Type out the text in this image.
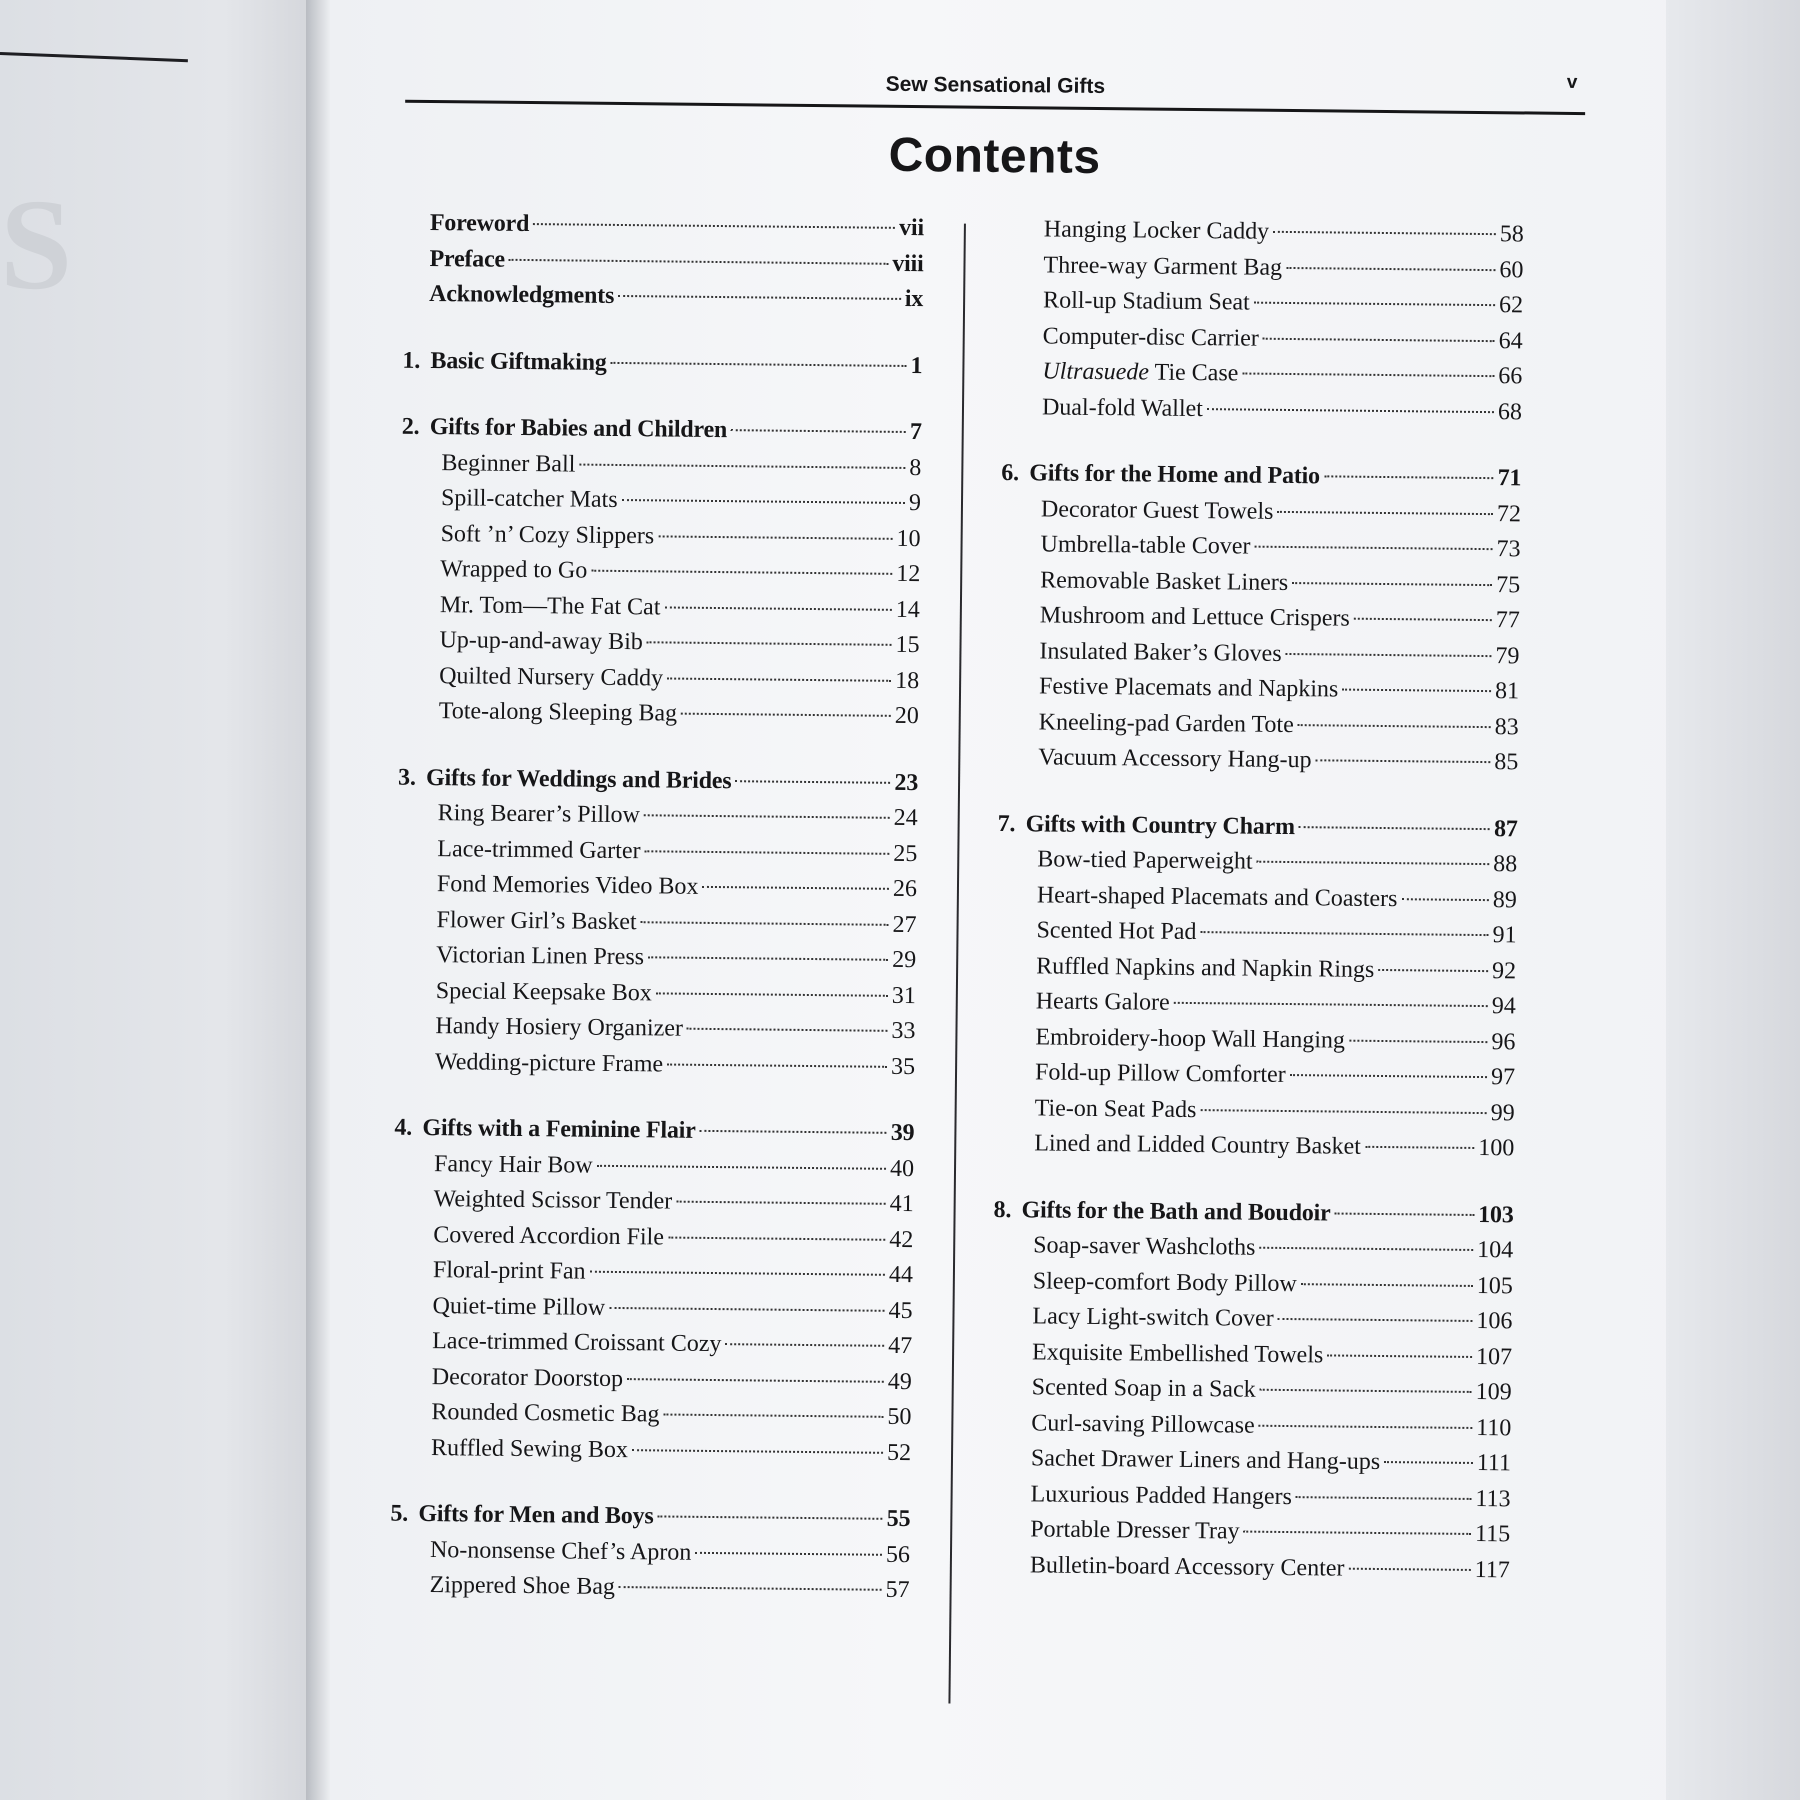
S
Sew Sensational Gifts	v
Contents
Foreword	vii
Preface	viii
Acknowledgments	ix
1. Basic Giftmaking	1
2. Gifts for Babies and Children	7
Beginner Ball	8
Spill-catcher Mats	9
Soft ’n’ Cozy Slippers	10
Wrapped to Go	12
Mr. Tom—The Fat Cat	14
Up-up-and-away Bib	15
Quilted Nursery Caddy	18
Tote-along Sleeping Bag	20
3. Gifts for Weddings and Brides	23
Ring Bearer’s Pillow	24
Lace-trimmed Garter	25
Fond Memories Video Box	26
Flower Girl’s Basket	27
Victorian Linen Press	29
Special Keepsake Box	31
Handy Hosiery Organizer	33
Wedding-picture Frame	35
4. Gifts with a Feminine Flair	39
Fancy Hair Bow	40
Weighted Scissor Tender	41
Covered Accordion File	42
Floral-print Fan	44
Quiet-time Pillow	45
Lace-trimmed Croissant Cozy	47
Decorator Doorstop	49
Rounded Cosmetic Bag	50
Ruffled Sewing Box	52
5. Gifts for Men and Boys	55
No-nonsense Chef’s Apron	56
Zippered Shoe Bag	57
Hanging Locker Caddy	58
Three-way Garment Bag	60
Roll-up Stadium Seat	62
Computer-disc Carrier	64
Ultrasuede Tie Case	66
Dual-fold Wallet	68
6. Gifts for the Home and Patio	71
Decorator Guest Towels	72
Umbrella-table Cover	73
Removable Basket Liners	75
Mushroom and Lettuce Crispers	77
Insulated Baker’s Gloves	79
Festive Placemats and Napkins	81
Kneeling-pad Garden Tote	83
Vacuum Accessory Hang-up	85
7. Gifts with Country Charm	87
Bow-tied Paperweight	88
Heart-shaped Placemats and Coasters	89
Scented Hot Pad	91
Ruffled Napkins and Napkin Rings	92
Hearts Galore	94
Embroidery-hoop Wall Hanging	96
Fold-up Pillow Comforter	97
Tie-on Seat Pads	99
Lined and Lidded Country Basket	100
8. Gifts for the Bath and Boudoir	103
Soap-saver Washcloths	104
Sleep-comfort Body Pillow	105
Lacy Light-switch Cover	106
Exquisite Embellished Towels	107
Scented Soap in a Sack	109
Curl-saving Pillowcase	110
Sachet Drawer Liners and Hang-ups	111
Luxurious Padded Hangers	113
Portable Dresser Tray	115
Bulletin-board Accessory Center	117
